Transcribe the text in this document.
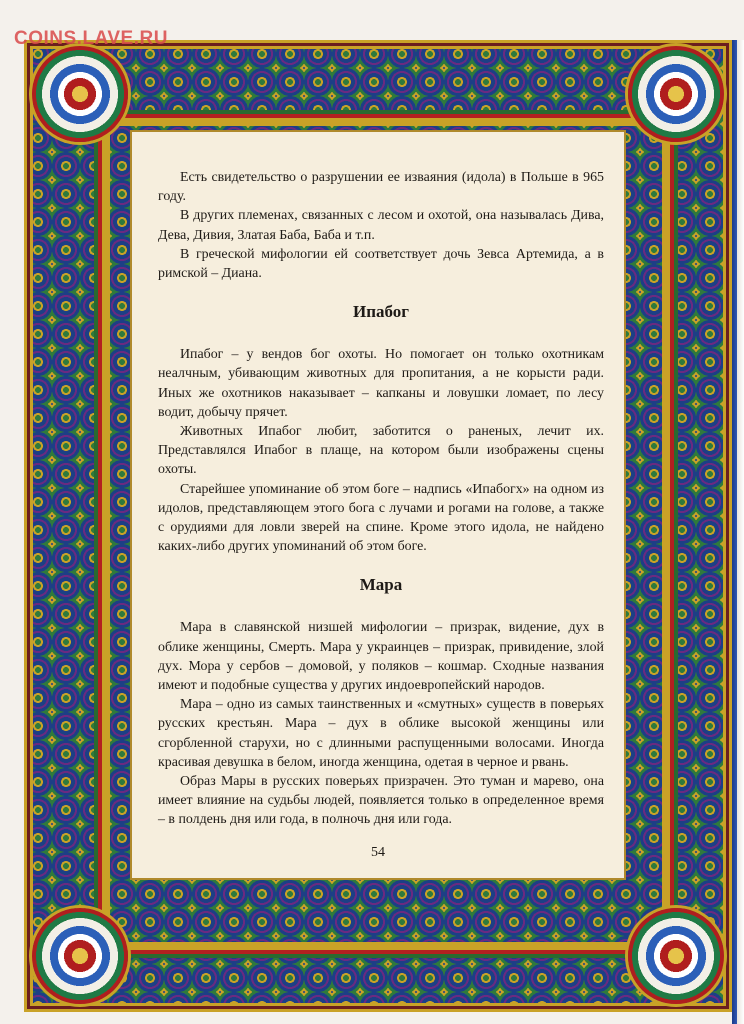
COINS.LAVE.RU

Есть свидетельство о разрушении ее изваяния (идола) в Польше в 965 году.

В других племенах, связанных с лесом и охотой, она называлась Дива, Дева, Дивия, Златая Баба, Баба и т.п.

В греческой мифологии ей соответствует дочь Зевса Артемида, а в римской – Диана.

Ипабог

Ипабог – у вендов бог охоты. Но помогает он только охотникам неалчным, убивающим животных для пропитания, а не корысти ради. Иных же охотников наказывает – капканы и ловушки ломает, по лесу водит, добычу прячет.

Животных Ипабог любит, заботится о раненых, лечит их. Представлялся Ипабог в плаще, на котором были изображены сцены охоты.

Старейшее упоминание об этом боге – надпись «Ипабогх» на одном из идолов, представляющем этого бога с лучами и рогами на голове, а также с орудиями для ловли зверей на спине. Кроме этого идола, не найдено каких-либо других упоминаний об этом боге.

Мара

Мара в славянской низшей мифологии – призрак, видение, дух в облике женщины, Смерть. Мара у украинцев – призрак, привидение, злой дух. Мора у сербов – домовой, у поляков – кошмар. Сходные названия имеют и подобные существа у других индоевропейский народов.

Мара – одно из самых таинственных и «смутных» существ в поверьях русских крестьян. Мара – дух в облике высокой женщины или сгорбленной старухи, но с длинными распущенными волосами. Иногда красивая девушка в белом, иногда женщина, одетая в черное и рвань.

Образ Мары в русских поверьях призрачен. Это туман и марево, она имеет влияние на судьбы людей, появляется только в определенное время – в полдень дня или года, в полночь дня или года.

54
